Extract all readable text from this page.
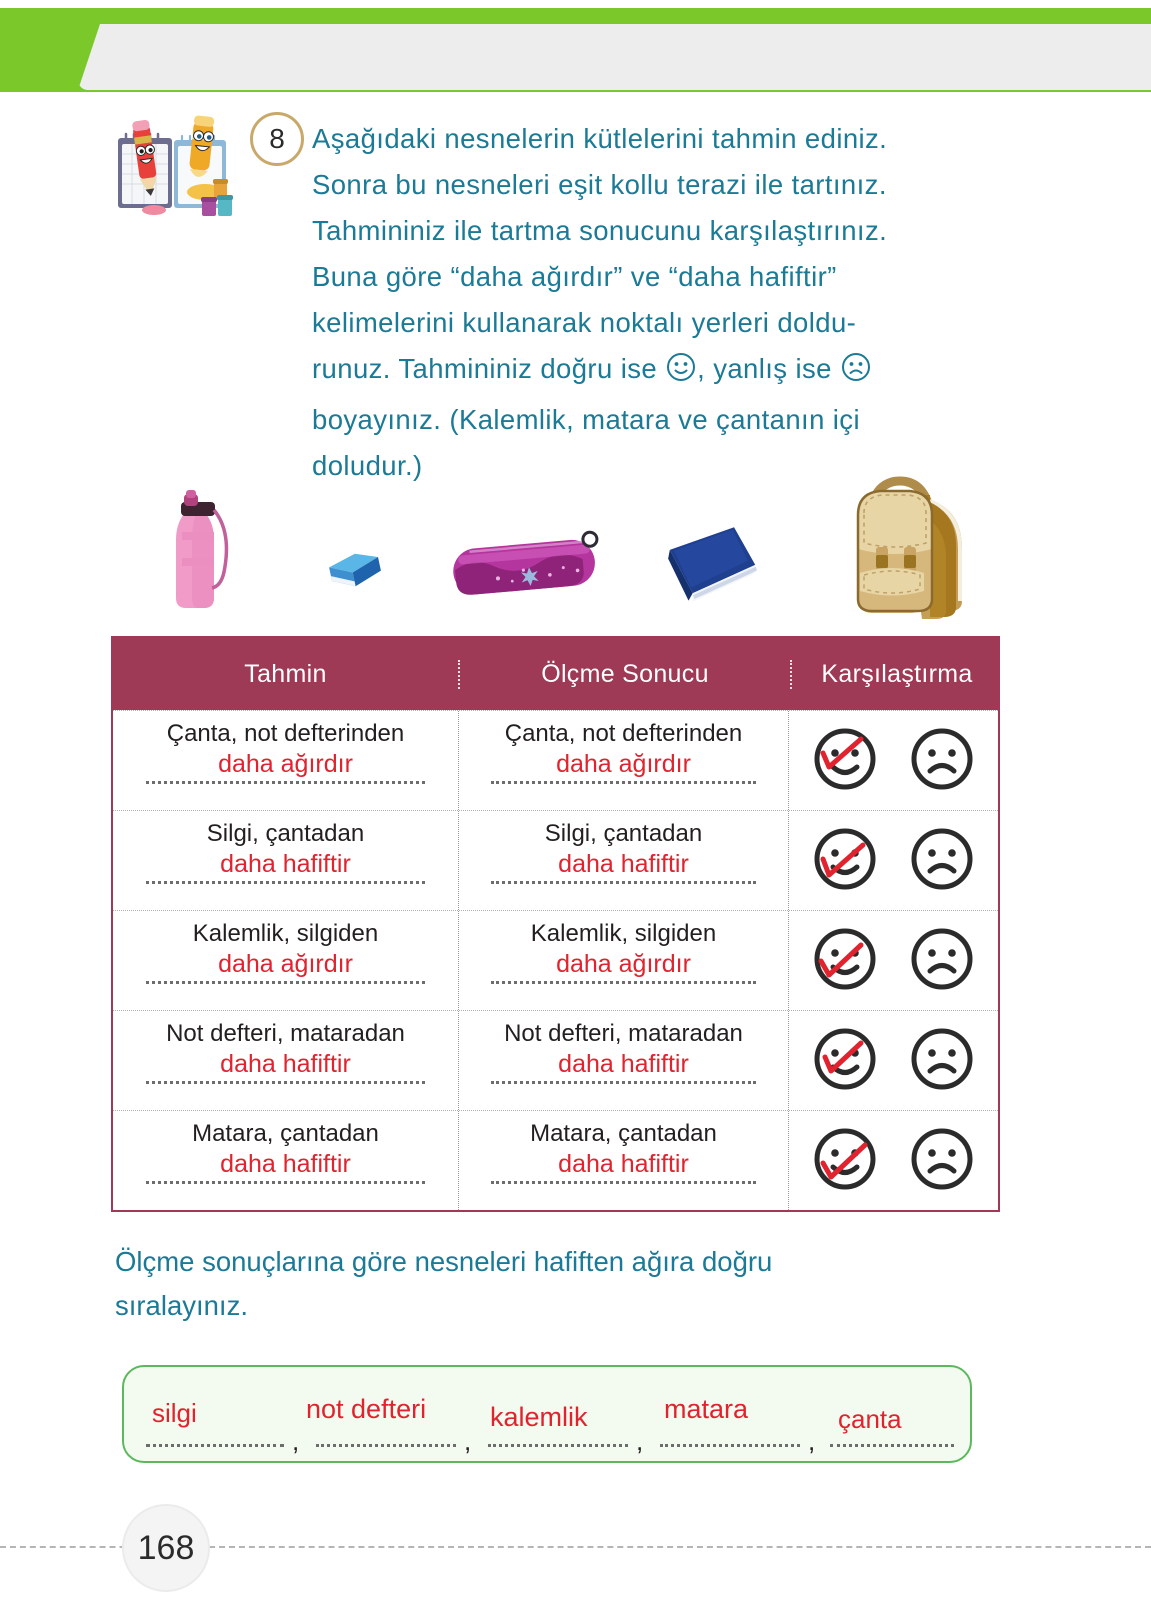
8 Aşağıdaki nesnelerin kütlelerini tahmin ediniz.
Sonra bu nesneleri eşit kollu terazi ile tartınız.
Tahmininiz ile tartma sonucunu karşılaştırınız.
Buna göre “daha ağırdır” ve “daha hafiftir”
kelimelerini kullanarak noktalı yerleri doldu-
runuz. Tahmininiz doğru ise , yanlış ise
boyayınız. (Kalemlik, matara ve çantanın içi
doludur.)
Tahmin	Ölçme Sonucu	Karşılaştırma
Çanta, not defterinden
daha ağırdır
Çanta, not defterinden
daha ağırdır
Silgi, çantadan
daha hafiftir
Silgi, çantadan
daha hafiftir
Kalemlik, silgiden
daha ağırdır
Kalemlik, silgiden
daha ağırdır
Not defteri, mataradan
daha hafiftir
Not defteri, mataradan
daha hafiftir
Matara, çantadan
daha hafiftir
Matara, çantadan
daha hafiftir
Ölçme sonuçlarına göre nesneleri hafiften ağıra doğru
sıralayınız.
silgi
,
not defteri
,
kalemlik
,
matara
,
çanta
168
